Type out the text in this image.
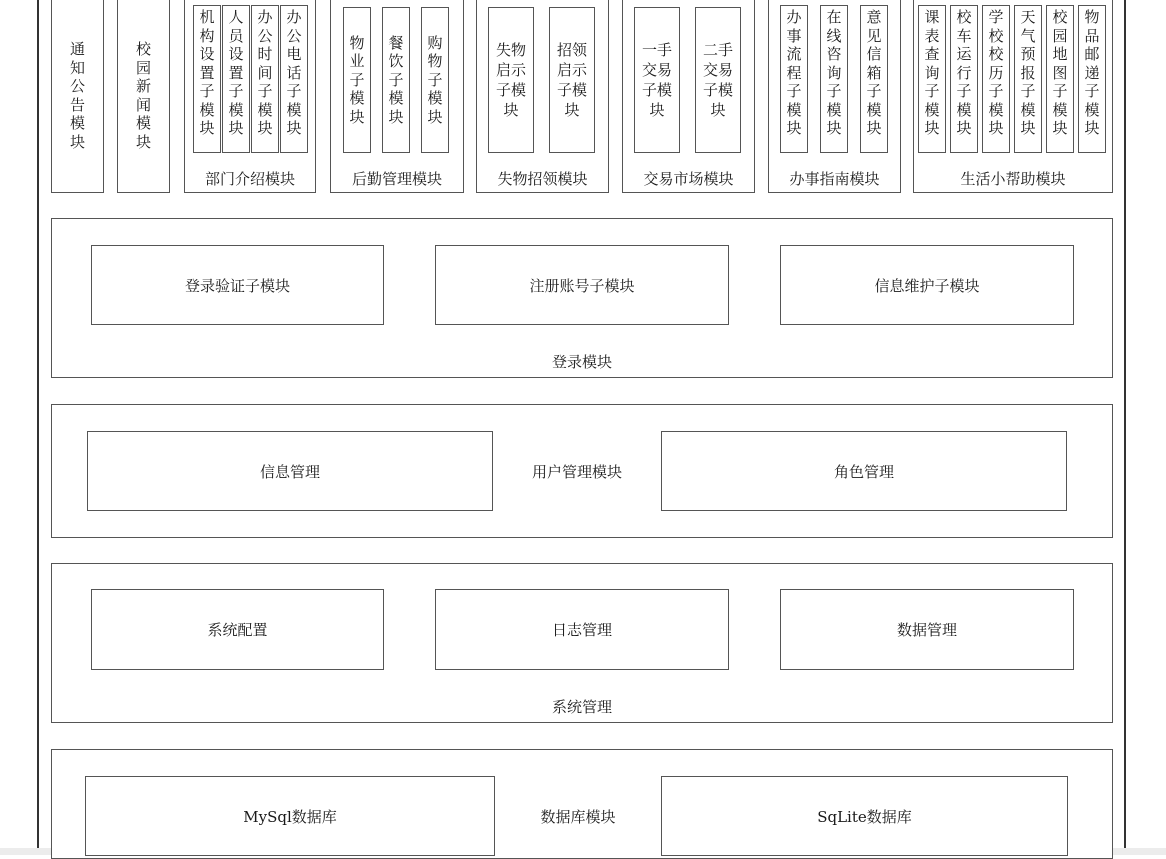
通
知
公
告
模
块
校
园
新
闻
模
块
部门介绍模块
机
构
设
置
子
模
块
人
员
设
置
子
模
块
办
公
时
间
子
模
块
办
公
电
话
子
模
块
后勤管理模块
物
业
子
模
块
餐
饮
子
模
块
购
物
子
模
块
失物招领模块
失物
启示
子模
块
招领
启示
子模
块
交易市场模块
一手
交易
子模
块
二手
交易
子模
块
办事指南模块
办
事
流
程
子
模
块
在
线
咨
询
子
模
块
意
见
信
箱
子
模
块
生活小帮助模块
课
表
查
询
子
模
块
校
车
运
行
子
模
块
学
校
校
历
子
模
块
天
气
预
报
子
模
块
校
园
地
图
子
模
块
物
品
邮
递
子
模
块
登录模块
登录验证子模块	注册账号子模块	信息维护子模块
信息管理	用户管理模块	角色管理
系统管理
系统配置	日志管理	数据管理
MySql数据库	数据库模块	SqLite数据库
